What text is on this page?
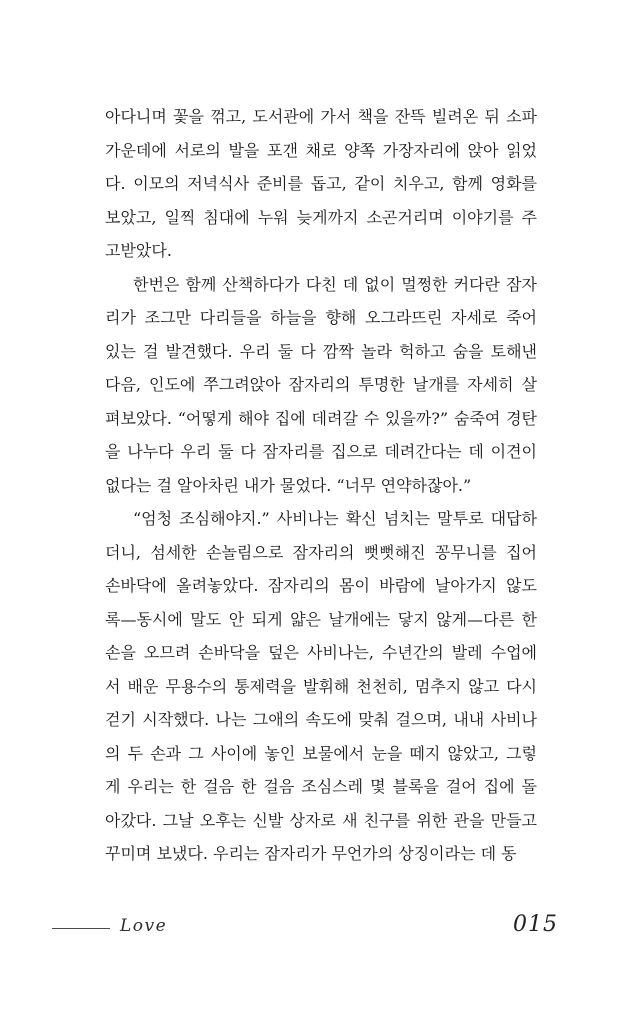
아다니며 꽃을 꺾고, 도서관에 가서 책을 잔뜩 빌려온 뒤 소파
가운데에 서로의 발을 포갠 채로 양쪽 가장자리에 앉아 읽었
다. 이모의 저녁식사 준비를 돕고, 같이 치우고, 함께 영화를
보았고, 일찍 침대에 누워 늦게까지 소곤거리며 이야기를 주
고받았다.
한번은 함께 산책하다가 다친 데 없이 멀쩡한 커다란 잠자
리가 조그만 다리들을 하늘을 향해 오그라뜨린 자세로 죽어
있는 걸 발견했다. 우리 둘 다 깜짝 놀라 헉하고 숨을 토해낸
다음, 인도에 쭈그려앉아 잠자리의 투명한 날개를 자세히 살
펴보았다. “어떻게 해야 집에 데려갈 수 있을까?” 숨죽여 경탄
을 나누다 우리 둘 다 잠자리를 집으로 데려간다는 데 이견이
없다는 걸 알아차린 내가 물었다. “너무 연약하잖아.”
“엄청 조심해야지.” 사비나는 확신 넘치는 말투로 대답하
더니, 섬세한 손놀림으로 잠자리의 뻣뻣해진 꽁무니를 집어
손바닥에 올려놓았다. 잠자리의 몸이 바람에 날아가지 않도
록—동시에 말도 안 되게 얇은 날개에는 닿지 않게—다른 한
손을 오므려 손바닥을 덮은 사비나는, 수년간의 발레 수업에
서 배운 무용수의 통제력을 발휘해 천천히, 멈추지 않고 다시
걷기 시작했다. 나는 그애의 속도에 맞춰 걸으며, 내내 사비나
의 두 손과 그 사이에 놓인 보물에서 눈을 떼지 않았고, 그렇
게 우리는 한 걸음 한 걸음 조심스레 몇 블록을 걸어 집에 돌
아갔다. 그날 오후는 신발 상자로 새 친구를 위한 관을 만들고
꾸미며 보냈다. 우리는 잠자리가 무언가의 상징이라는 데 동
Love	015
